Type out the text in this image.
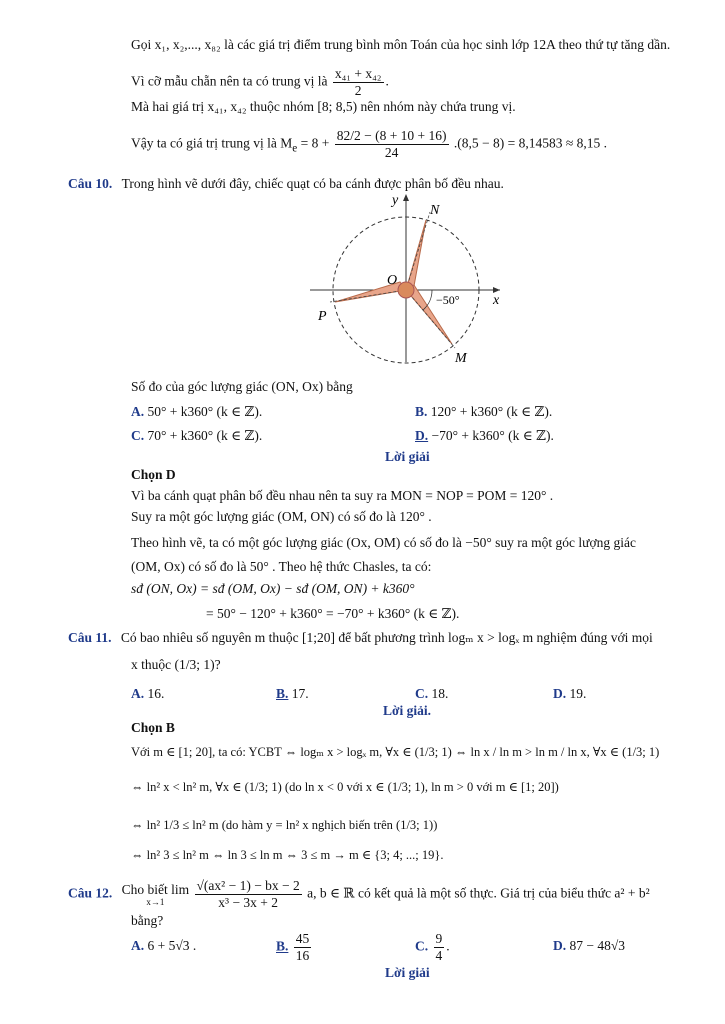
Gọi x₁, x₂,..., x₈₂ là các giá trị điểm trung bình môn Toán của học sinh lớp 12A theo thứ tự tăng dần.
Vì cỡ mẫu chẵn nên ta có trung vị là $\frac{\text{x₄₁ + x₄₂}}{2}$ .
Mà hai giá trị x₄₁, x₄₂ thuộc nhóm [8; 8,5) nên nhóm này chứa trung vị.
Vậy ta có giá trị trung vị là $M_e = 8 + \frac{82/2 - (8 + 10 + 16)}{24} .(8,5 - 8) = 8,14583 \approx 8,15$ .
Câu 10. Trong hình vẽ dưới đây, chiếc quạt có ba cánh được phân bố đều nhau.
y
x
N
O
P
M
−50°
Số đo của góc lượng giác (ON, Ox) bằng
A. 50° + k360° (k ∈ ℤ).	B. 120° + k360° (k ∈ ℤ).
C. 70° + k360° (k ∈ ℤ).	D. −70° + k360° (k ∈ ℤ).
Lời giải
Chọn D
Vì ba cánh quạt phân bố đều nhau nên ta suy ra MON = NOP = POM = 120° .
Suy ra một góc lượng giác (OM, ON) có số đo là 120° .
Theo hình vẽ, ta có một góc lượng giác (Ox, OM) có số đo là −50° suy ra một góc lượng giác
(OM, Ox) có số đo là 50° . Theo hệ thức Chasles, ta có:
sđ (ON, Ox) = sđ (OM, Ox) − sđ (OM, ON) + k360°
= 50° − 120° + k360° = −70° + k360° (k ∈ ℤ).
Câu 11. Có bao nhiêu số nguyên m thuộc [1;20] để bất phương trình logₘ x > logₓ m nghiệm đúng với mọi
x thuộc (1/3; 1)?
A. 16.	B. 17.	C. 18.	D. 19.
Lời giải.
Chọn B
Với m ∈ [1; 20], ta có: YCBT ⇔ logₘ x > logₓ m, ∀x ∈ (1/3; 1) ⇔ ln x / ln m > ln m / ln x, ∀x ∈ (1/3; 1)
⇔ ln² x < ln² m, ∀x ∈ (1/3; 1) (do ln x < 0 với x ∈ (1/3; 1), ln m > 0 với m ∈ [1; 20])
⇔ ln² 1/3 ≤ ln² m (do hàm y = ln² x nghịch biến trên (1/3; 1))
⇔ ln² 3 ≤ ln² m ⇔ ln 3 ≤ ln m ⇔ 3 ≤ m → m ∈ {3; 4; ...; 19}.
Câu 12. Cho biết lim
x→1
	$\frac{\text{√(ax² − 1) − bx − 2}}{\text{x³ − 3x + 2}} a$, b ∈ ℝ có kết quả là một số thực. Giá trị của biểu thức a² + b²
bằng?
A. 6 + 5√3 .	B. $\frac{45}{16}$	C. $\frac{9}{4}$ .	D. 87 − 48√3
Lời giải
